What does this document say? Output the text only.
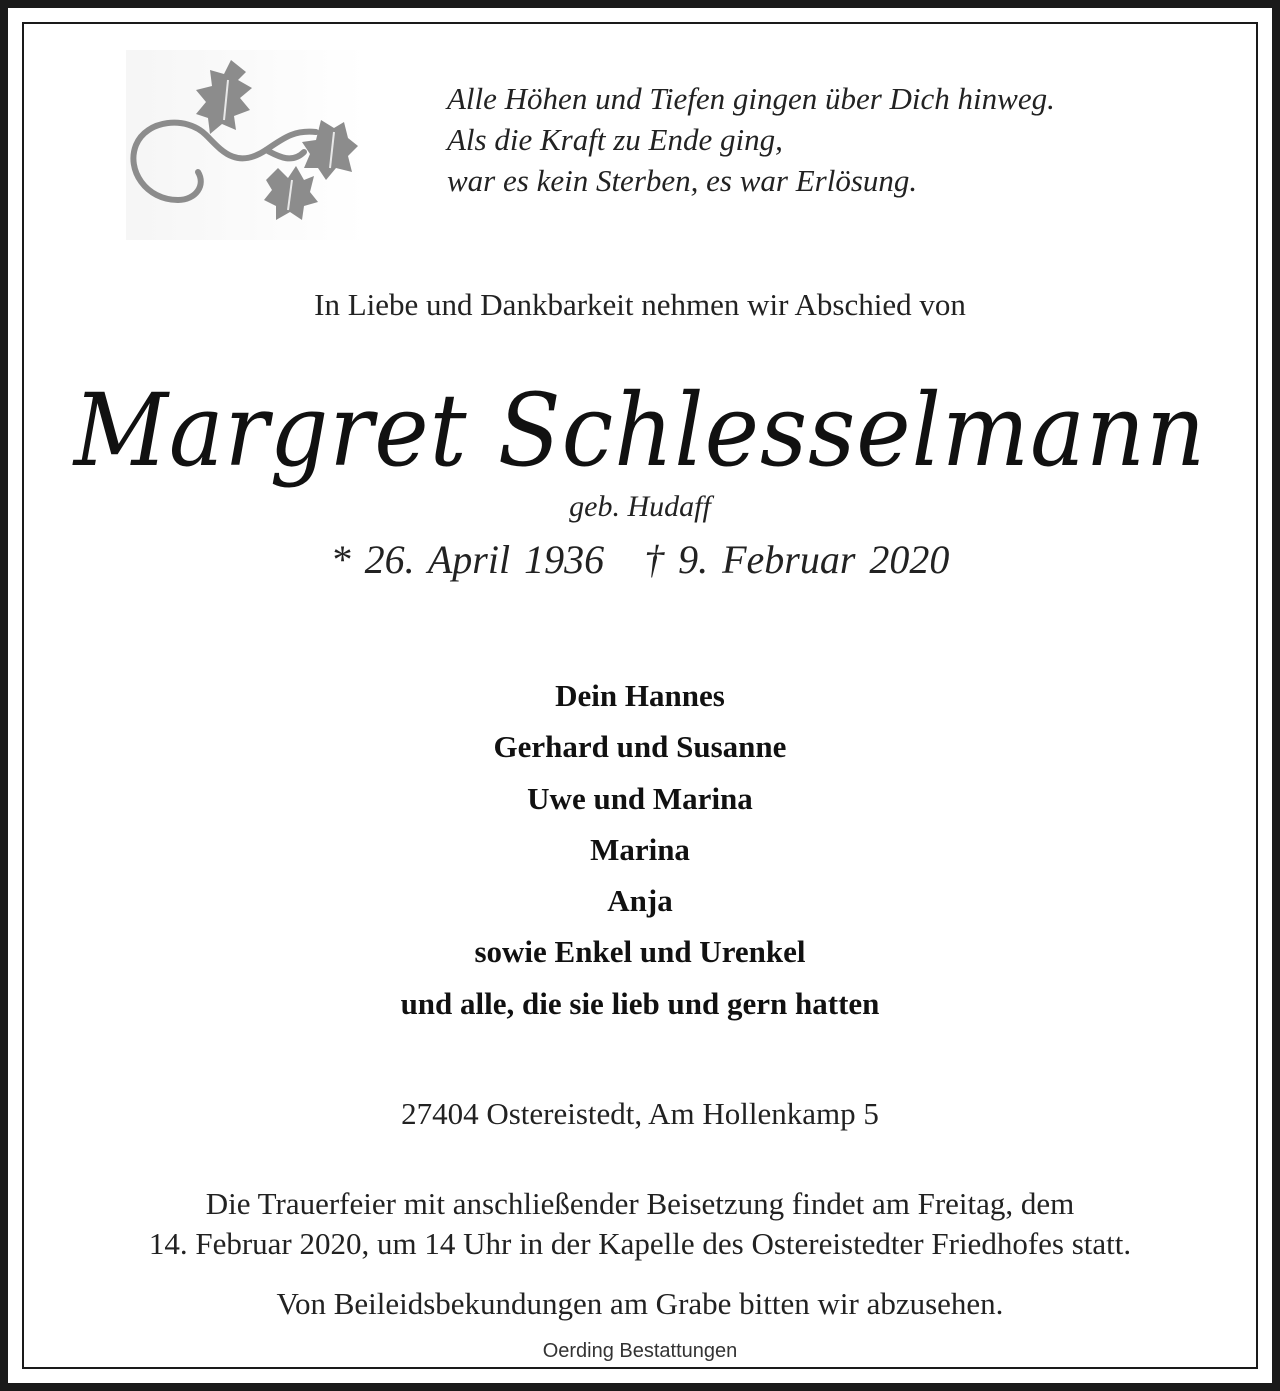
Alle Höhen und Tiefen gingen über Dich hinweg.
Als die Kraft zu Ende ging,
war es kein Sterben, es war Erlösung.
In Liebe und Dankbarkeit nehmen wir Abschied von
Margret Schlesselmann
geb. Hudaff
* 26. April 1936 † 9. Februar 2020
Dein Hannes
Gerhard und Susanne
Uwe und Marina
Marina
Anja
sowie Enkel und Urenkel
und alle, die sie lieb und gern hatten
27404 Ostereistedt, Am Hollenkamp 5
Die Trauerfeier mit anschließender Beisetzung findet am Freitag, dem
14. Februar 2020, um 14 Uhr in der Kapelle des Ostereistedter Friedhofes statt.
Von Beileidsbekundungen am Grabe bitten wir abzusehen.
Oerding Bestattungen
